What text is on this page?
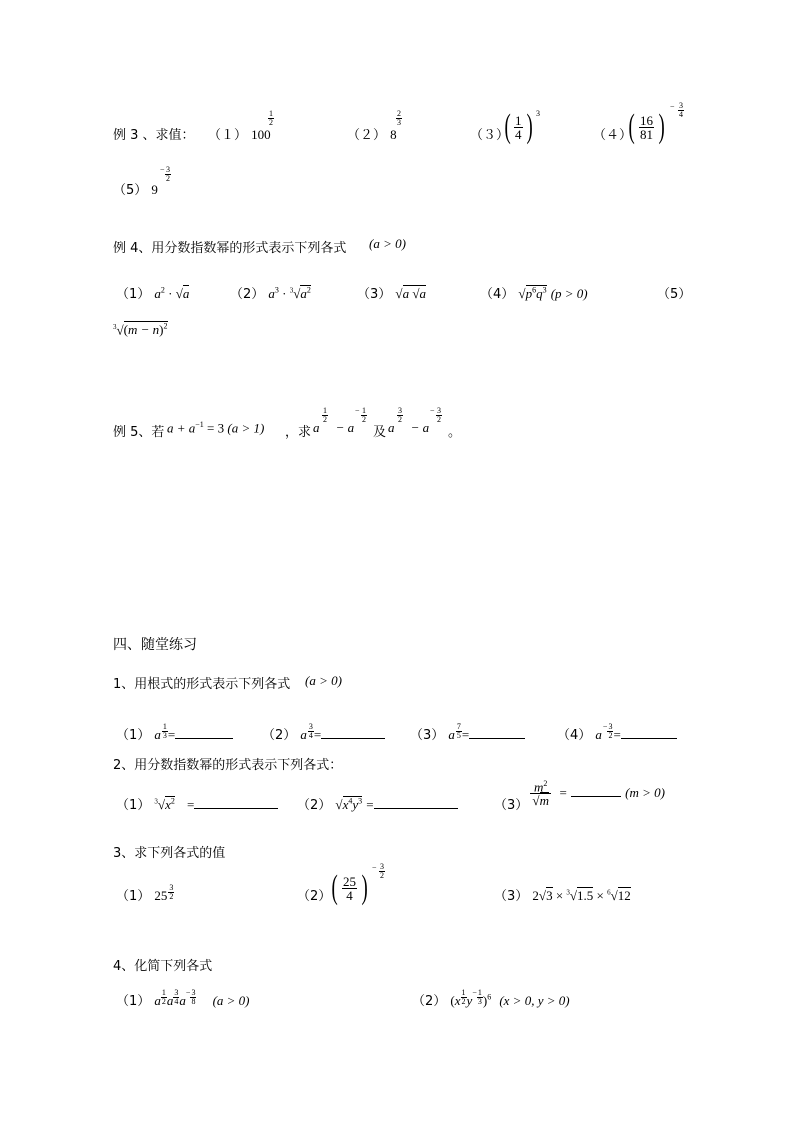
例 3 、求值： （１） 100
1
2
（２） 8
2
3
（３）
( $\frac{1}{4}$ ) 3
（４）
( $\frac{16}{81}$ )
− 3
4
（5） 9
− 3
2
例 4、用分数指数幂的形式表示下列各式 (a > 0)
（1） $a^2 \cdot √a$	（2） $a^3 \cdot ^3√a^2$	（3） √a √a	（4） $√p^6q^3$ (p > 0)	（5）
$^3√(m - n)^2$
例 5、若 $a + a^{-1} = 3$ (a > 1) ，求 a
1
2
− a
− 1
2
及 a
3
2
− a
− 3
2
。
四、随堂练习
1、用根式的形式表示下列各式 (a > 0)
（1） a $\frac{1}{3}$ =	（2） a $\frac{3}{4}$ =	（3） a $\frac{7}{5}$ =	（4） a
− $\frac{3}{2}$ =
2、用分数指数幂的形式表示下列各式：
（1） $^3√x^2$ =	（2） $√x^4y^3$ =	$(3) \frac{m^2}{√m}$ =	(m > 0)
3、求下列各式的值
（1） $25 \frac{3}{2}$	（2） ( $\frac{25}{4}$ )
− 3
2
（3） 2√3 × $^3$√1.5 × $^6$√12
4、化简下列各式
（1） a $\frac{1}{2}$ a $\frac{3}{4}$ a
− $\frac{3}{8} (a > 0)$	（2） ($x \frac{1}{2}$ y
− $\frac{1}{3} )^6$ (x > 0, y > 0)
